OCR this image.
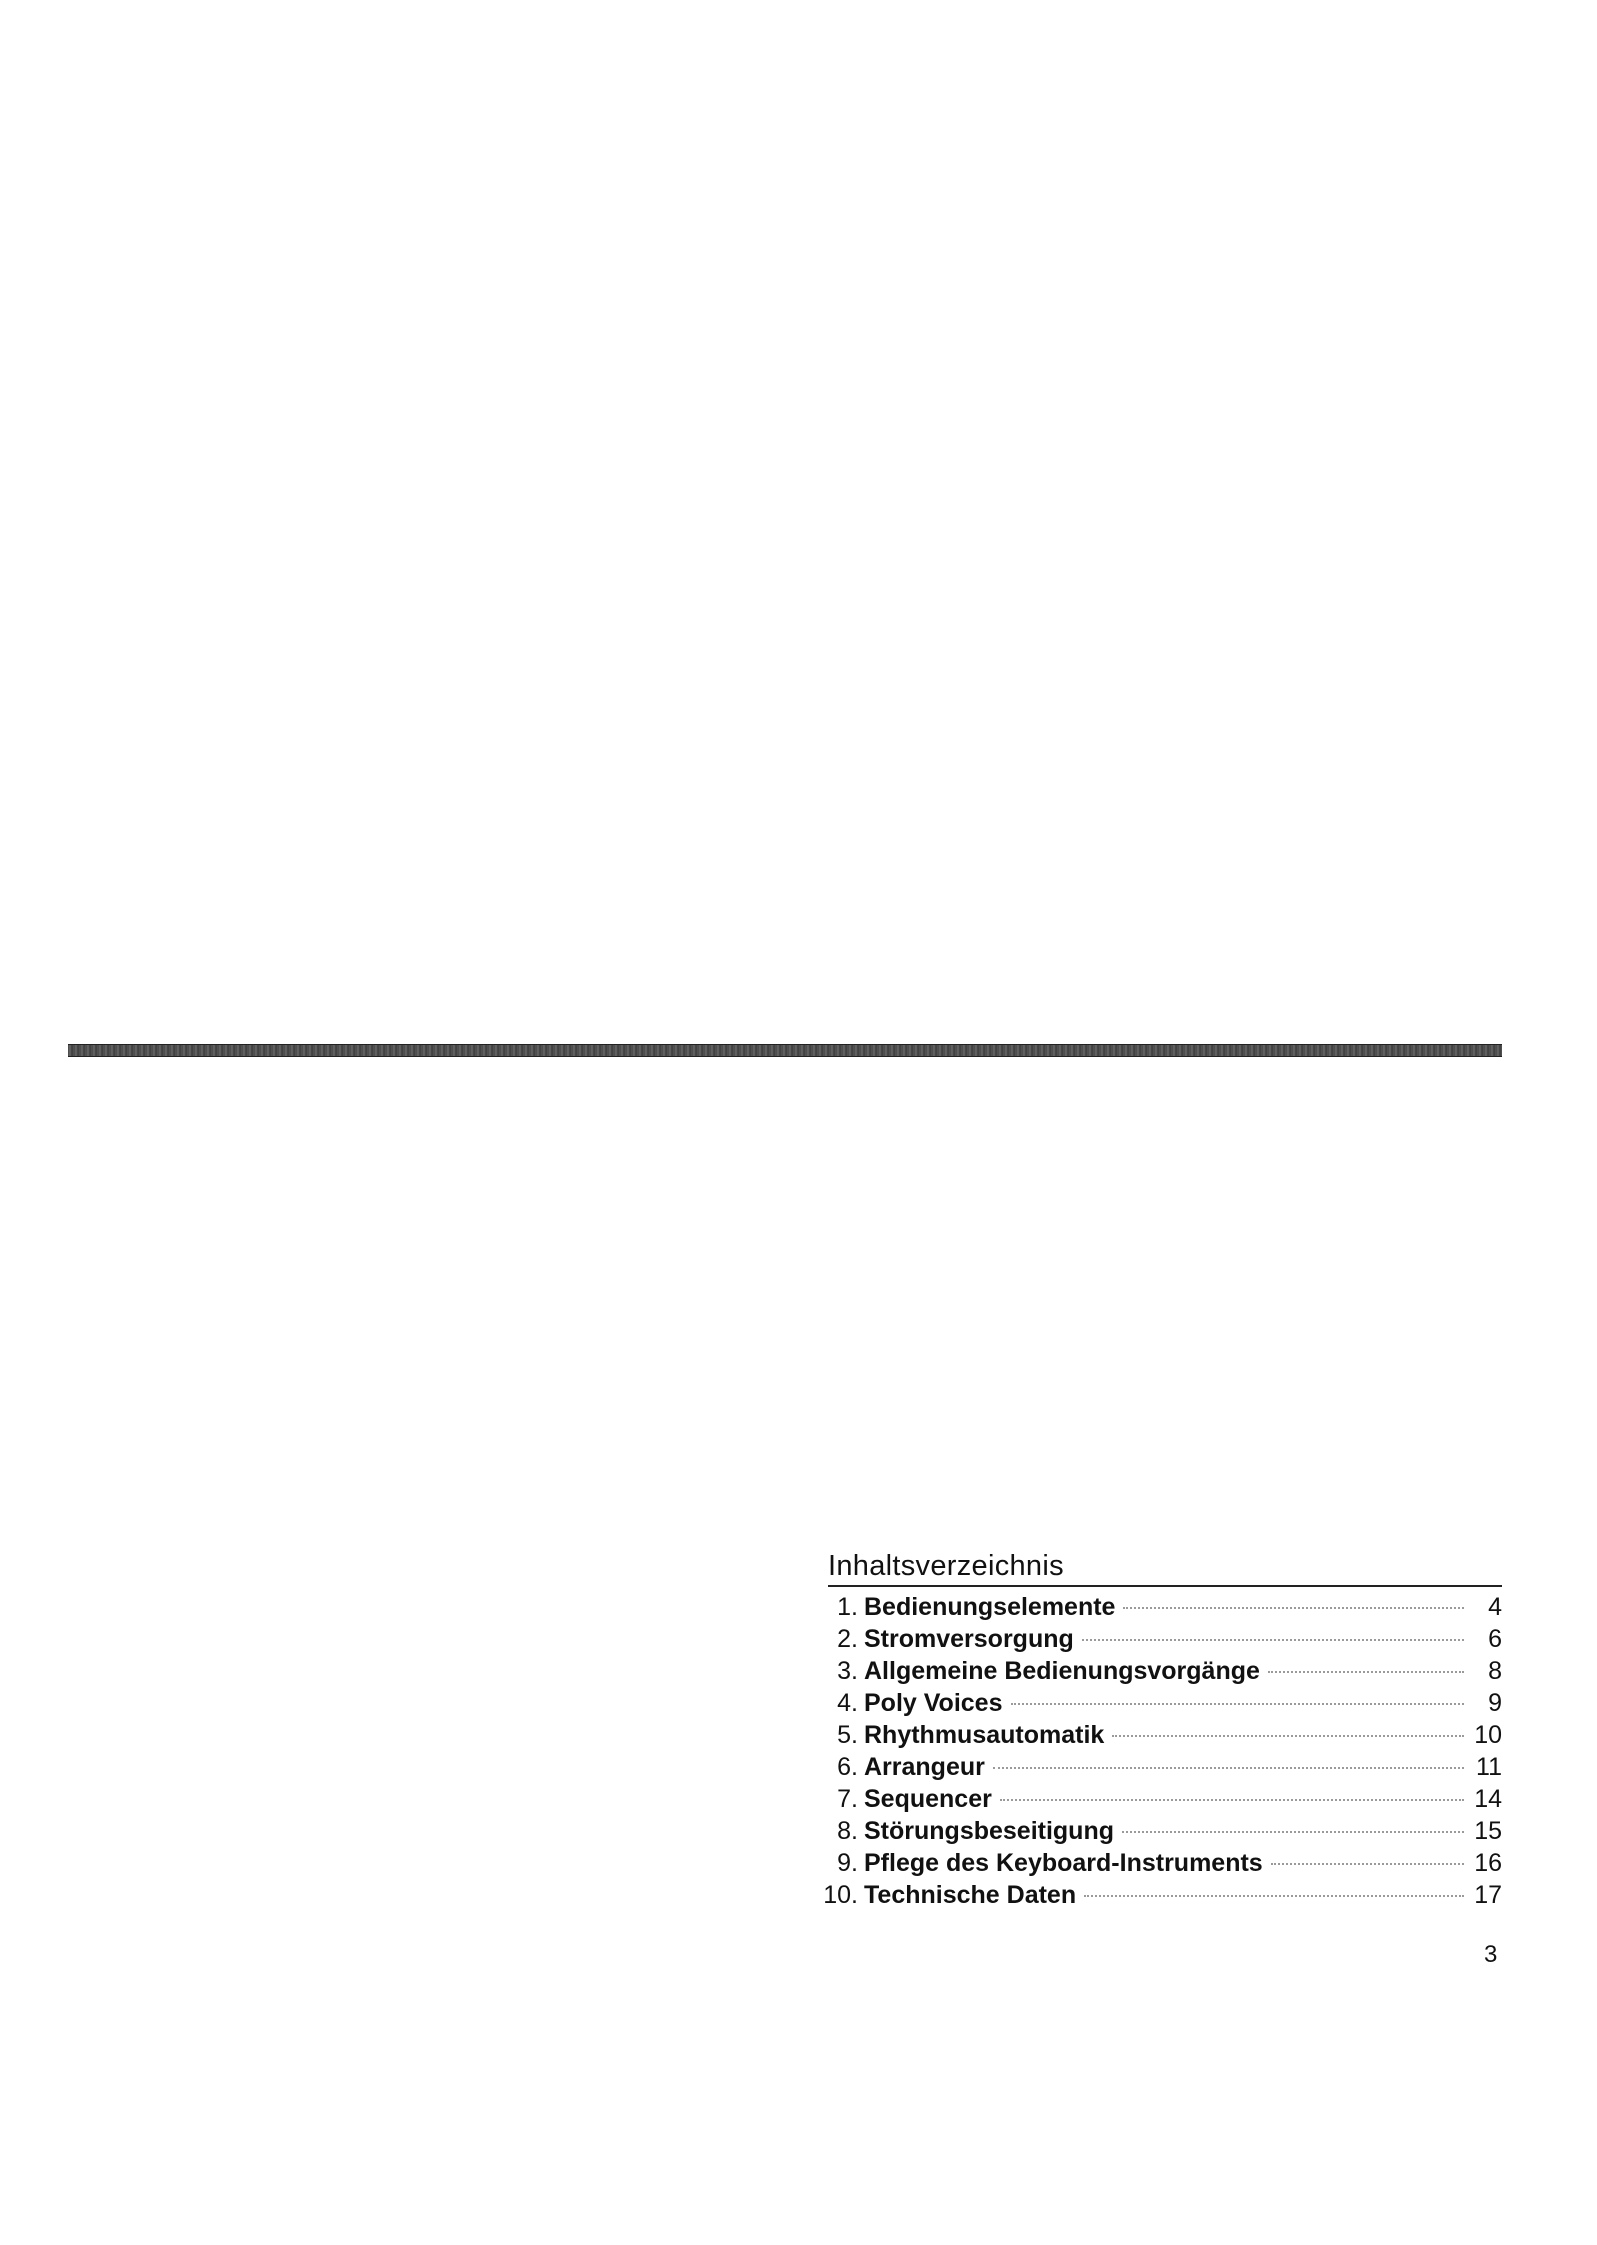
Inhaltsverzeichnis
1. Bedienungselemente	4
2. Stromversorgung	6
3. Allgemeine Bedienungsvorgänge	8
4. Poly Voices	9
5. Rhythmusautomatik	10
6. Arrangeur	11
7. Sequencer	14
8. Störungsbeseitigung	15
9. Pflege des Keyboard-Instruments	16
10. Technische Daten	17
3
